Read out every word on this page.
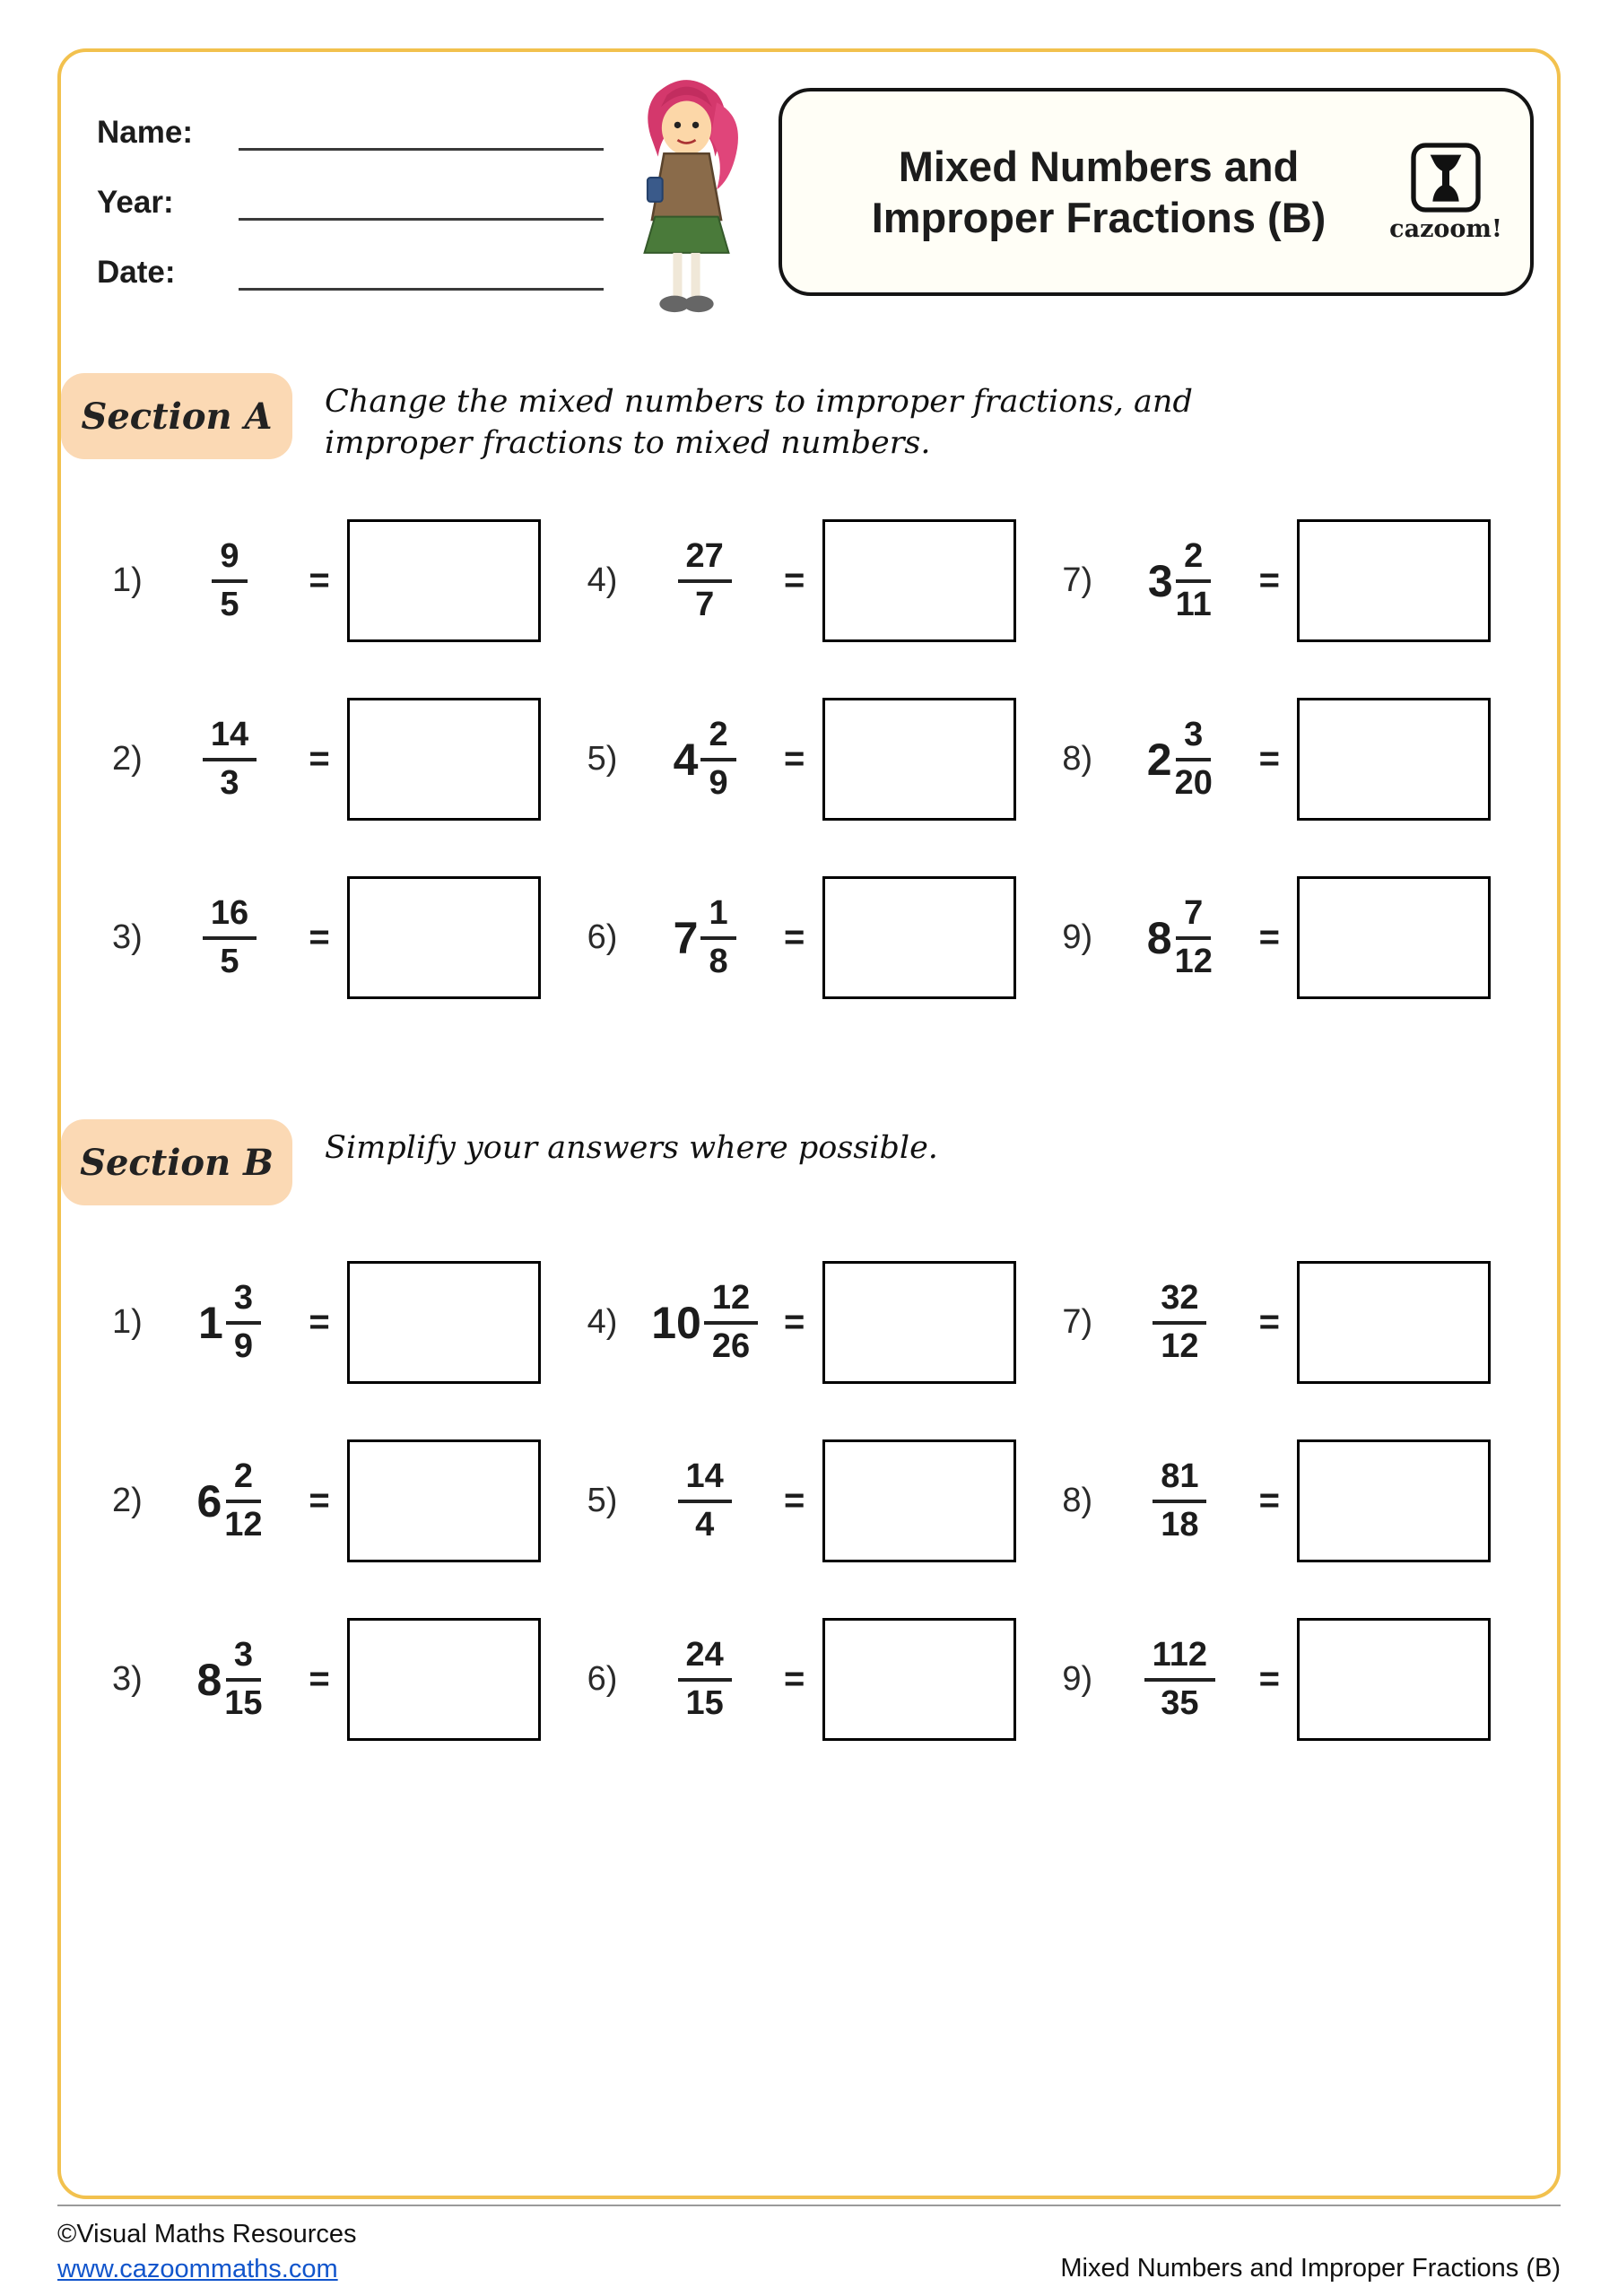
Name:
Year:
Date:
Mixed Numbers and Improper Fractions (B)	cazoom!
Section A	Change the mixed numbers to improper fractions, and improper fractions to mixed numbers.
1)	$\frac{9}{5}$	=
2)	$\frac{14}{3}$	=
3)	$\frac{16}{5}$	=
4)	$\frac{27}{7}$	=
5)	$4 \frac{2}{9}$	=
6)	$7 \frac{1}{8}$	=
7)	$3 \frac{2}{11}$	=
8)	$2 \frac{3}{20}$	=
9)	$8 \frac{7}{12}$	=
Section B	Simplify your answers where possible.
1)	$1 \frac{3}{9}$	=
2)	$6 \frac{2}{12}$	=
3)	$8 \frac{3}{15}$	=
4) $10 \frac{12}{26}$ =
5)	$\frac{14}{4}$	=
6)	$\frac{24}{15}$	=
7)	$\frac{32}{12}$	=
8)	$\frac{81}{18}$	=
9)	$\frac{112}{35}$	=
©Visual Maths Resources
www.cazoommaths.com	Mixed Numbers and Improper Fractions (B)
